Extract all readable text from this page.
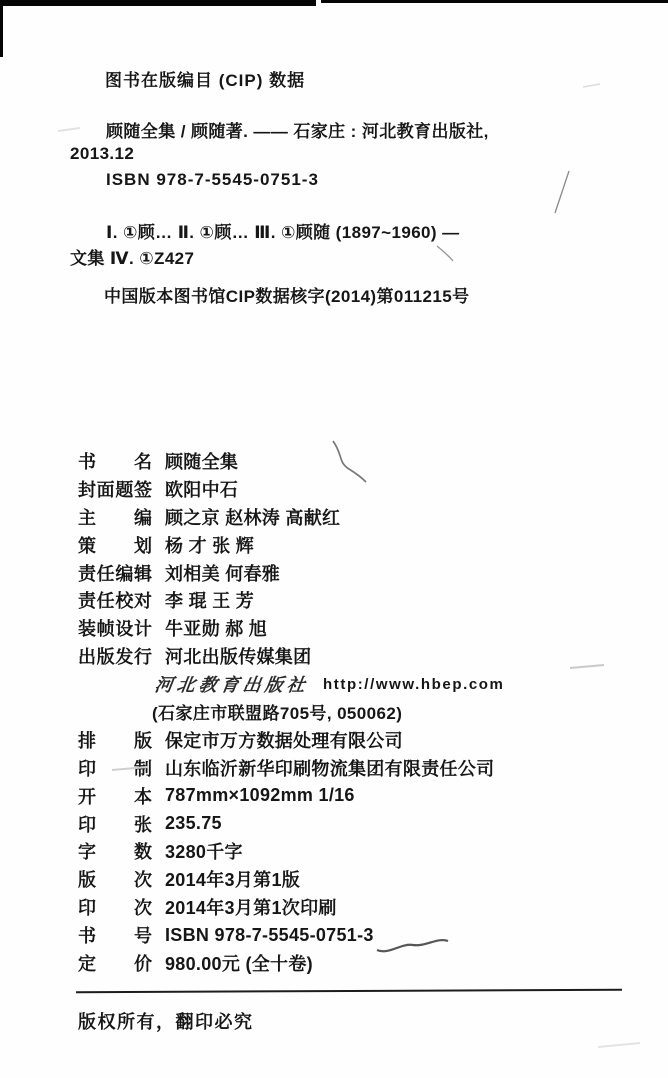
图书在版编目 (CIP) 数据
顾随全集 / 顾随著. —— 石家庄 : 河北教育出版社,
2013.12
ISBN 978-7-5545-0751-3
Ⅰ. ①顾… Ⅱ. ①顾… Ⅲ. ①顾随 (1897~1960) —
文集 Ⅳ. ①Z427
中国版本图书馆CIP数据核字(2014)第011215号
书名 顾随全集
封面题签 欧阳中石
主编 顾之京 赵林涛 高献红
策划 杨 才 张 辉
责任编辑 刘相美 何春雅
责任校对 李 琨 王 芳
装帧设计 牛亚勋 郝 旭
出版发行 河北出版传媒集团
河北教育出版社 http://www.hbep.com
(石家庄市联盟路705号, 050062)
排版 保定市万方数据处理有限公司
印制 山东临沂新华印刷物流集团有限责任公司
开本 787mm×1092mm 1/16
印张 235.75
字数 3280千字
版次 2014年3月第1版
印次 2014年3月第1次印刷
书号 ISBN 978-7-5545-0751-3
定价 980.00元 (全十卷)
版权所有，翻印必究
